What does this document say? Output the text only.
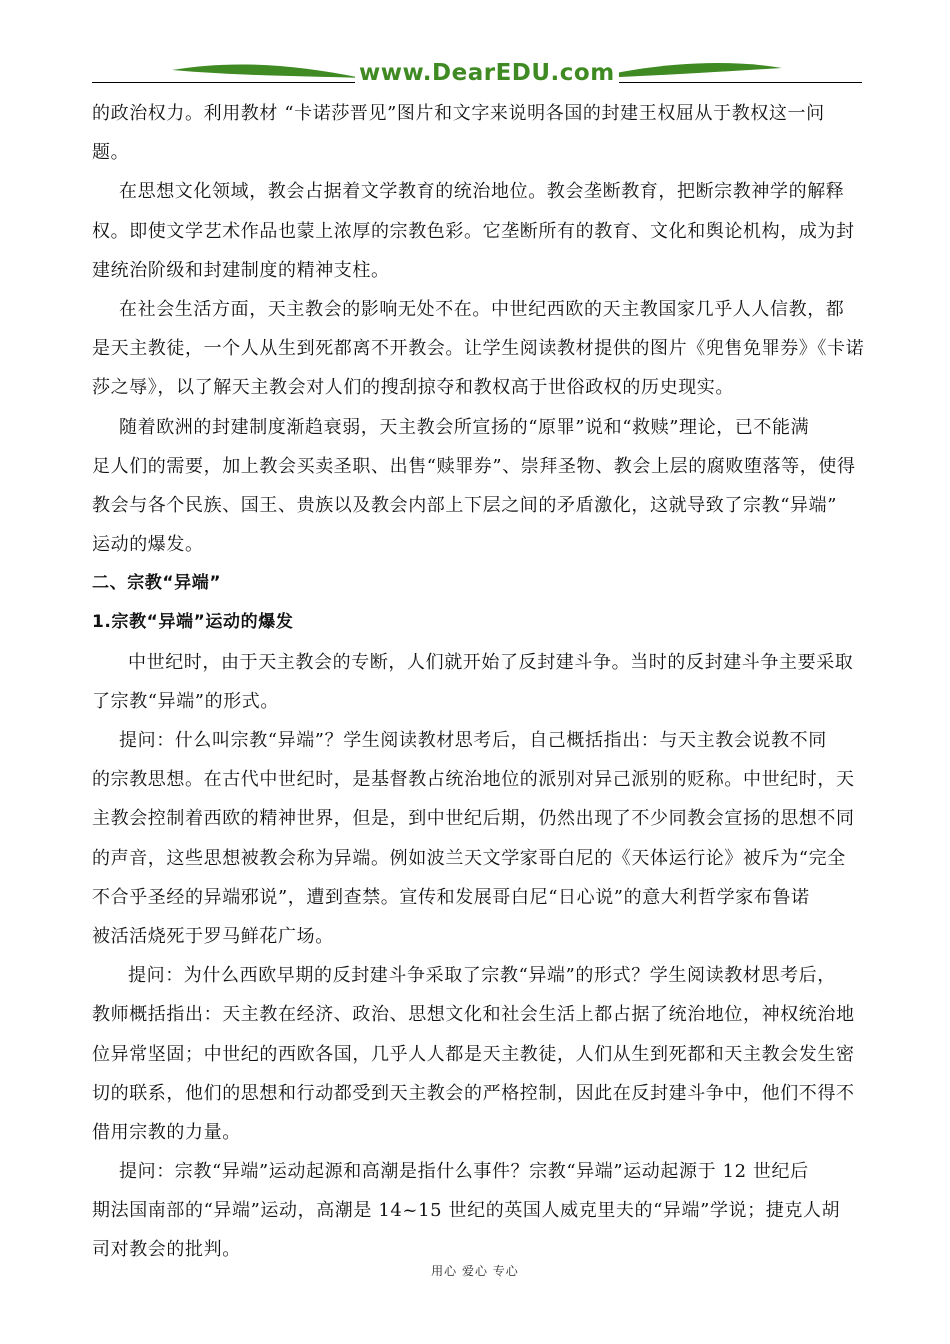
www.DearEDU.com
的政治权力。利用教材 “卡诺莎晋见”图片和文字来说明各国的封建王权屈从于教权这一问
题。
在思想文化领域，教会占据着文学教育的统治地位。教会垄断教育，把断宗教神学的解释
权。即使文学艺术作品也蒙上浓厚的宗教色彩。它垄断所有的教育、文化和舆论机构，成为封
建统治阶级和封建制度的精神支柱。
在社会生活方面，天主教会的影响无处不在。中世纪西欧的天主教国家几乎人人信教，都
是天主教徒，一个人从生到死都离不开教会。让学生阅读教材提供的图片《兜售免罪券》《卡诺
莎之辱》，以了解天主教会对人们的搜刮掠夺和教权高于世俗政权的历史现实。
随着欧洲的封建制度渐趋衰弱，天主教会所宣扬的“原罪”说和“救赎”理论，已不能满
足人们的需要，加上教会买卖圣职、出售“赎罪券”、崇拜圣物、教会上层的腐败堕落等，使得
教会与各个民族、国王、贵族以及教会内部上下层之间的矛盾激化，这就导致了宗教“异端”
运动的爆发。
二、宗教“异端”
1.宗教“异端”运动的爆发
中世纪时，由于天主教会的专断，人们就开始了反封建斗争。当时的反封建斗争主要采取
了宗教“异端”的形式。
提问：什么叫宗教“异端”？学生阅读教材思考后，自己概括指出：与天主教会说教不同
的宗教思想。在古代中世纪时，是基督教占统治地位的派别对异己派别的贬称。中世纪时，天
主教会控制着西欧的精神世界，但是，到中世纪后期，仍然出现了不少同教会宣扬的思想不同
的声音，这些思想被教会称为异端。例如波兰天文学家哥白尼的《天体运行论》被斥为“完全
不合乎圣经的异端邪说”，遭到查禁。宣传和发展哥白尼“日心说”的意大利哲学家布鲁诺
被活活烧死于罗马鲜花广场。
提问：为什么西欧早期的反封建斗争采取了宗教“异端”的形式？学生阅读教材思考后，
教师概括指出：天主教在经济、政治、思想文化和社会生活上都占据了统治地位，神权统治地
位异常坚固；中世纪的西欧各国，几乎人人都是天主教徒，人们从生到死都和天主教会发生密
切的联系，他们的思想和行动都受到天主教会的严格控制，因此在反封建斗争中，他们不得不
借用宗教的力量。
提问：宗教“异端”运动起源和高潮是指什么事件？宗教“异端”运动起源于 12 世纪后
期法国南部的“异端”运动，高潮是 14~15 世纪的英国人威克里夫的“异端”学说；捷克人胡
司对教会的批判。
用心 爱心 专心
